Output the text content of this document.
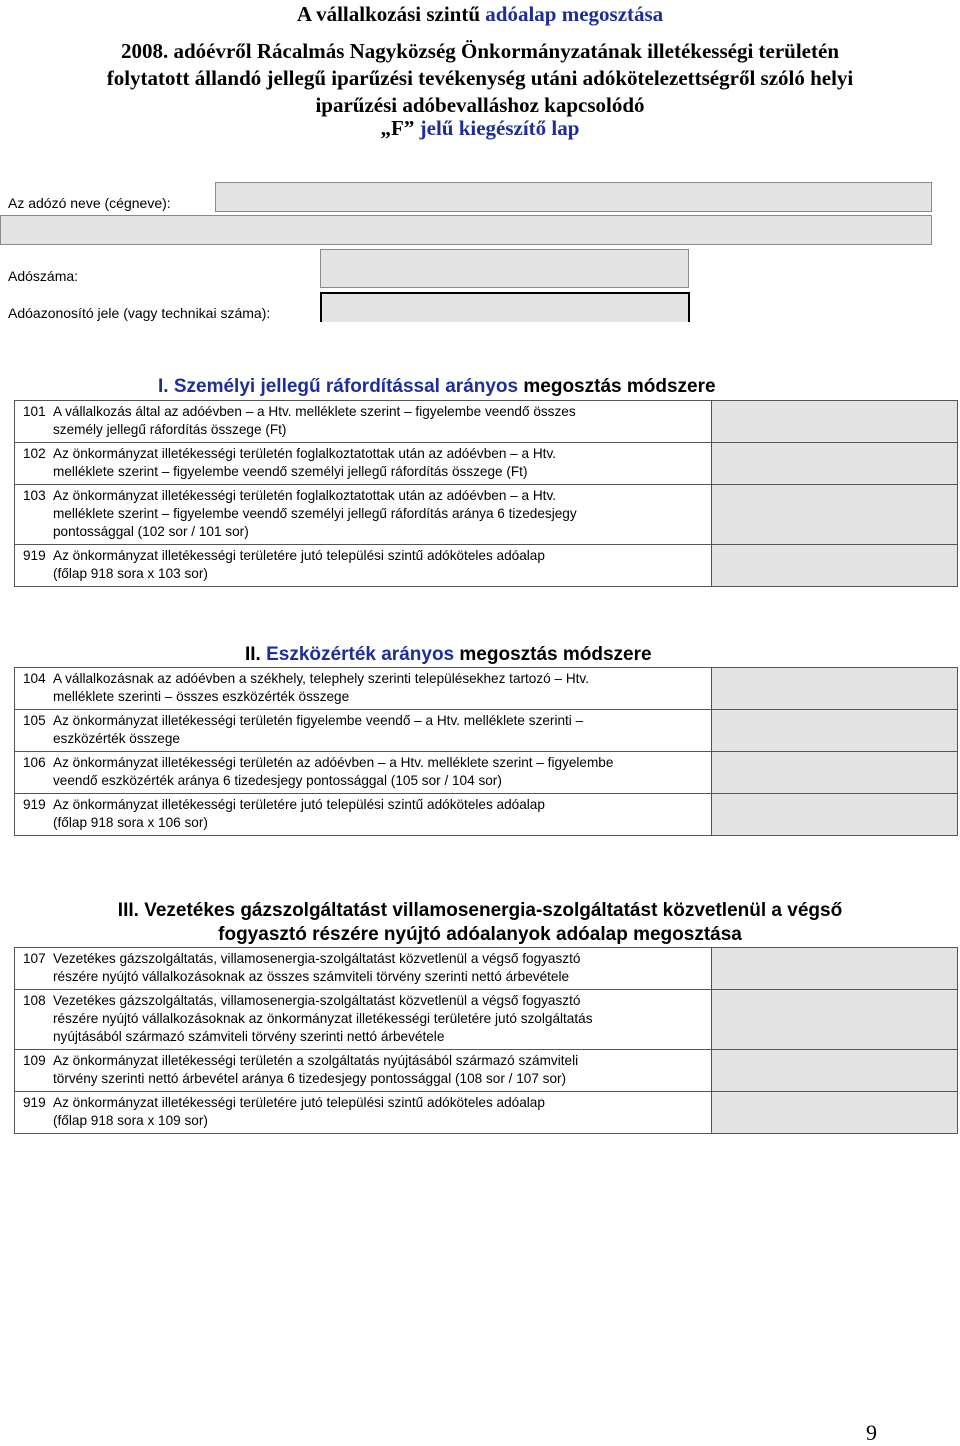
A vállalkozási szintű adóalap megosztása
2008. adóévről Rácalmás Nagyközség Önkormányzatának illetékességi területén
folytatott állandó jellegű iparűzési tevékenység utáni adókötelezettségről szóló helyi
iparűzési adóbevalláshoz kapcsolódó
„F” jelű kiegészítő lap
Az adózó neve (cégneve):
Adószáma:
Adóazonosító jele (vagy technikai száma):
I. Személyi jellegű ráfordítással arányos megosztás módszere
101 A vállalkozás által az adóévben – a Htv. melléklete szerint – figyelembe veendő összes
személy jellegű ráfordítás összege (Ft)	

102 Az önkormányzat illetékességi területén foglalkoztatottak után az adóévben – a Htv.
melléklete szerint – figyelembe veendő személyi jellegű ráfordítás összege (Ft)	

103 Az önkormányzat illetékességi területén foglalkoztatottak után az adóévben – a Htv.
melléklete szerint – figyelembe veendő személyi jellegű ráfordítás aránya 6 tizedesjegy
pontossággal (102 sor / 101 sor)	

919 Az önkormányzat illetékességi területére jutó települési szintű adóköteles adóalap
(főlap 918 sora x 103 sor)	

II. Eszközérték arányos megosztás módszere
104 A vállalkozásnak az adóévben a székhely, telephely szerinti településekhez tartozó – Htv.
melléklete szerinti – összes eszközérték összege	

105 Az önkormányzat illetékességi területén figyelembe veendő – a Htv. melléklete szerinti –
eszközérték összege	

106 Az önkormányzat illetékességi területén az adóévben – a Htv. melléklete szerint – figyelembe
veendő eszközérték aránya 6 tizedesjegy pontossággal (105 sor / 104 sor)	

919 Az önkormányzat illetékességi területére jutó települési szintű adóköteles adóalap
(főlap 918 sora x 106 sor)	

III. Vezetékes gázszolgáltatást villamosenergia-szolgáltatást közvetlenül a végső
fogyasztó részére nyújtó adóalanyok adóalap megosztása
107 Vezetékes gázszolgáltatás, villamosenergia-szolgáltatást közvetlenül a végső fogyasztó
részére nyújtó vállalkozásoknak az összes számviteli törvény szerinti nettó árbevétele	

108 Vezetékes gázszolgáltatás, villamosenergia-szolgáltatást közvetlenül a végső fogyasztó
részére nyújtó vállalkozásoknak az önkormányzat illetékességi területére jutó szolgáltatás
nyújtásából származó számviteli törvény szerinti nettó árbevétele	

109 Az önkormányzat illetékességi területén a szolgáltatás nyújtásából származó számviteli
törvény szerinti nettó árbevétel aránya 6 tizedesjegy pontossággal (108 sor / 107 sor)	

919 Az önkormányzat illetékességi területére jutó települési szintű adóköteles adóalap
(főlap 918 sora x 109 sor)	

9
